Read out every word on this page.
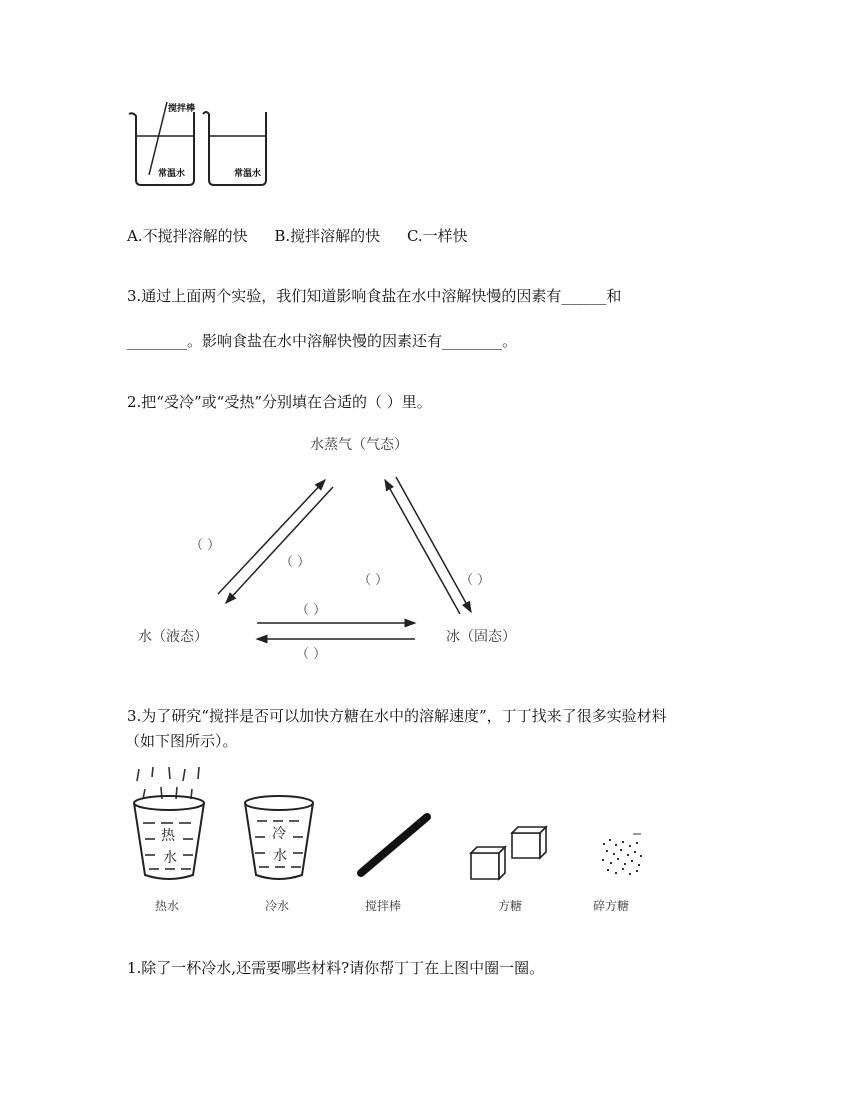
搅拌棒
常温水	常温水
A.不搅拌溶解的快 B.搅拌溶解的快 C.一样快
3.通过上面两个实验，我们知道影响食盐在水中溶解快慢的因素有______和
________。影响食盐在水中溶解快慢的因素还有________。
2.把“受冷”或“受热”分别填在合适的（ ）里。
水蒸气（气态）
水（液态）	冰（固态）
（ ）
（ ）
（ ）	（ ）
（ ）
（ ）
3.为了研究“搅拌是否可以加快方糖在水中的溶解速度”，丁丁找来了很多实验材料
（如下图所示）。
热
水
冷
水
热水	冷水	搅拌棒	方糖	碎方糖
1.除了一杯冷水,还需要哪些材料?请你帮丁丁在上图中圈一圈。
